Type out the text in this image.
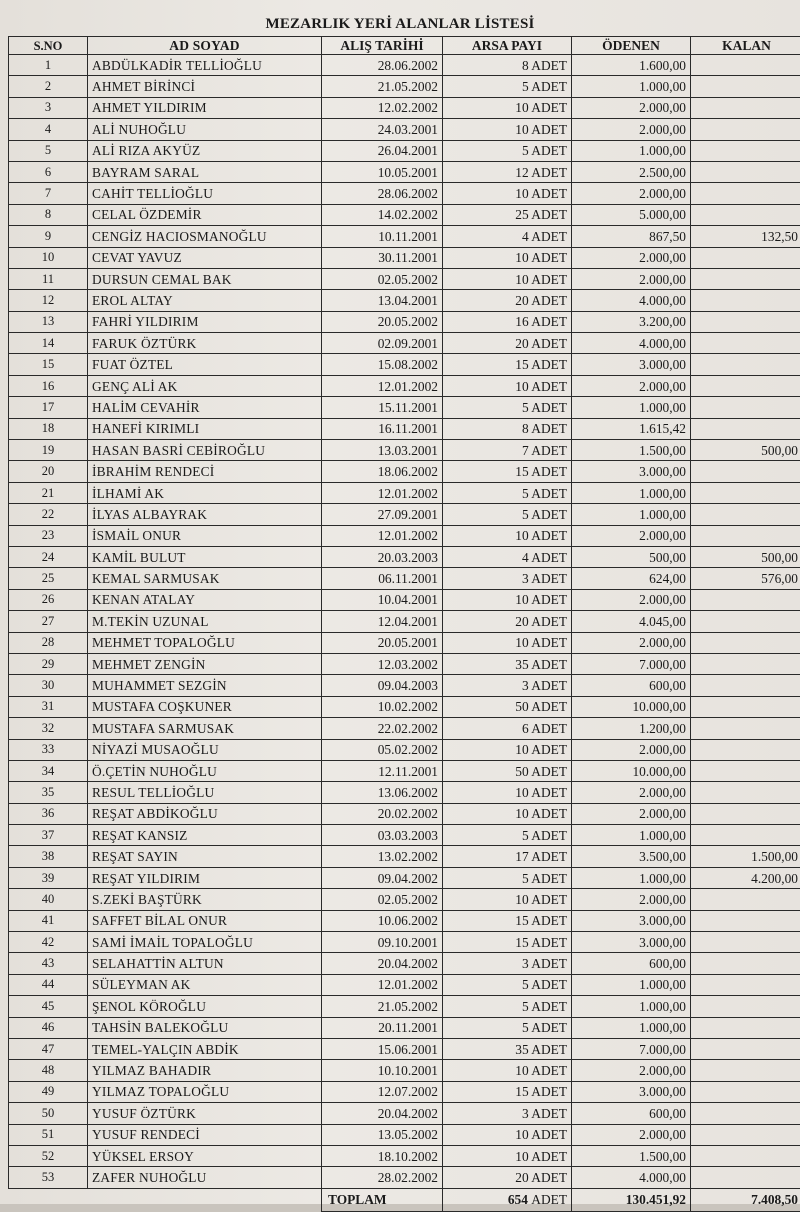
MEZARLIK YERİ ALANLAR LİSTESİ
S.NO	AD SOYAD	ALIŞ TARİHİ	ARSA PAYI	ÖDENEN	KALAN
1	ABDÜLKADİR TELLİOĞLU	28.06.2002	8 ADET	1.600,00	
2	AHMET BİRİNCİ	21.05.2002	5 ADET	1.000,00	
3	AHMET YILDIRIM	12.02.2002	10 ADET	2.000,00	
4	ALİ NUHOĞLU	24.03.2001	10 ADET	2.000,00	
5	ALİ RIZA AKYÜZ	26.04.2001	5 ADET	1.000,00	
6	BAYRAM SARAL	10.05.2001	12 ADET	2.500,00	
7	CAHİT TELLİOĞLU	28.06.2002	10 ADET	2.000,00	
8	CELAL ÖZDEMİR	14.02.2002	25 ADET	5.000,00	
9	CENGİZ HACIOSMANOĞLU	10.11.2001	4 ADET	867,50	132,50
10	CEVAT YAVUZ	30.11.2001	10 ADET	2.000,00	
11	DURSUN CEMAL BAK	02.05.2002	10 ADET	2.000,00	
12	EROL ALTAY	13.04.2001	20 ADET	4.000,00	
13	FAHRİ YILDIRIM	20.05.2002	16 ADET	3.200,00	
14	FARUK ÖZTÜRK	02.09.2001	20 ADET	4.000,00	
15	FUAT ÖZTEL	15.08.2002	15 ADET	3.000,00	
16	GENÇ ALİ AK	12.01.2002	10 ADET	2.000,00	
17	HALİM CEVAHİR	15.11.2001	5 ADET	1.000,00	
18	HANEFİ KIRIMLI	16.11.2001	8 ADET	1.615,42	
19	HASAN BASRİ CEBİROĞLU	13.03.2001	7 ADET	1.500,00	500,00
20	İBRAHİM RENDECİ	18.06.2002	15 ADET	3.000,00	
21	İLHAMİ AK	12.01.2002	5 ADET	1.000,00	
22	İLYAS ALBAYRAK	27.09.2001	5 ADET	1.000,00	
23	İSMAİL ONUR	12.01.2002	10 ADET	2.000,00	
24	KAMİL BULUT	20.03.2003	4 ADET	500,00	500,00
25	KEMAL SARMUSAK	06.11.2001	3 ADET	624,00	576,00
26	KENAN ATALAY	10.04.2001	10 ADET	2.000,00	
27	M.TEKİN UZUNAL	12.04.2001	20 ADET	4.045,00	
28	MEHMET TOPALOĞLU	20.05.2001	10 ADET	2.000,00	
29	MEHMET ZENGİN	12.03.2002	35 ADET	7.000,00	
30	MUHAMMET SEZGİN	09.04.2003	3 ADET	600,00	
31	MUSTAFA COŞKUNER	10.02.2002	50 ADET	10.000,00	
32	MUSTAFA SARMUSAK	22.02.2002	6 ADET	1.200,00	
33	NİYAZİ MUSAOĞLU	05.02.2002	10 ADET	2.000,00	
34	Ö.ÇETİN NUHOĞLU	12.11.2001	50 ADET	10.000,00	
35	RESUL TELLİOĞLU	13.06.2002	10 ADET	2.000,00	
36	REŞAT ABDİKOĞLU	20.02.2002	10 ADET	2.000,00	
37	REŞAT KANSIZ	03.03.2003	5 ADET	1.000,00	
38	REŞAT SAYIN	13.02.2002	17 ADET	3.500,00	1.500,00
39	REŞAT YILDIRIM	09.04.2002	5 ADET	1.000,00	4.200,00
40	S.ZEKİ BAŞTÜRK	02.05.2002	10 ADET	2.000,00	
41	SAFFET BİLAL ONUR	10.06.2002	15 ADET	3.000,00	
42	SAMİ İMAİL TOPALOĞLU	09.10.2001	15 ADET	3.000,00	
43	SELAHATTİN ALTUN	20.04.2002	3 ADET	600,00	
44	SÜLEYMAN AK	12.01.2002	5 ADET	1.000,00	
45	ŞENOL KÖROĞLU	21.05.2002	5 ADET	1.000,00	
46	TAHSİN BALEKOĞLU	20.11.2001	5 ADET	1.000,00	
47	TEMEL-YALÇIN ABDİK	15.06.2001	35 ADET	7.000,00	
48	YILMAZ BAHADIR	10.10.2001	10 ADET	2.000,00	
49	YILMAZ TOPALOĞLU	12.07.2002	15 ADET	3.000,00	
50	YUSUF ÖZTÜRK	20.04.2002	3 ADET	600,00	
51	YUSUF RENDECİ	13.05.2002	10 ADET	2.000,00	
52	YÜKSEL ERSOY	18.10.2002	10 ADET	1.500,00	
53	ZAFER NUHOĞLU	28.02.2002	20 ADET	4.000,00	
		TOPLAM	654 ADET	130.451,92	7.408,50
